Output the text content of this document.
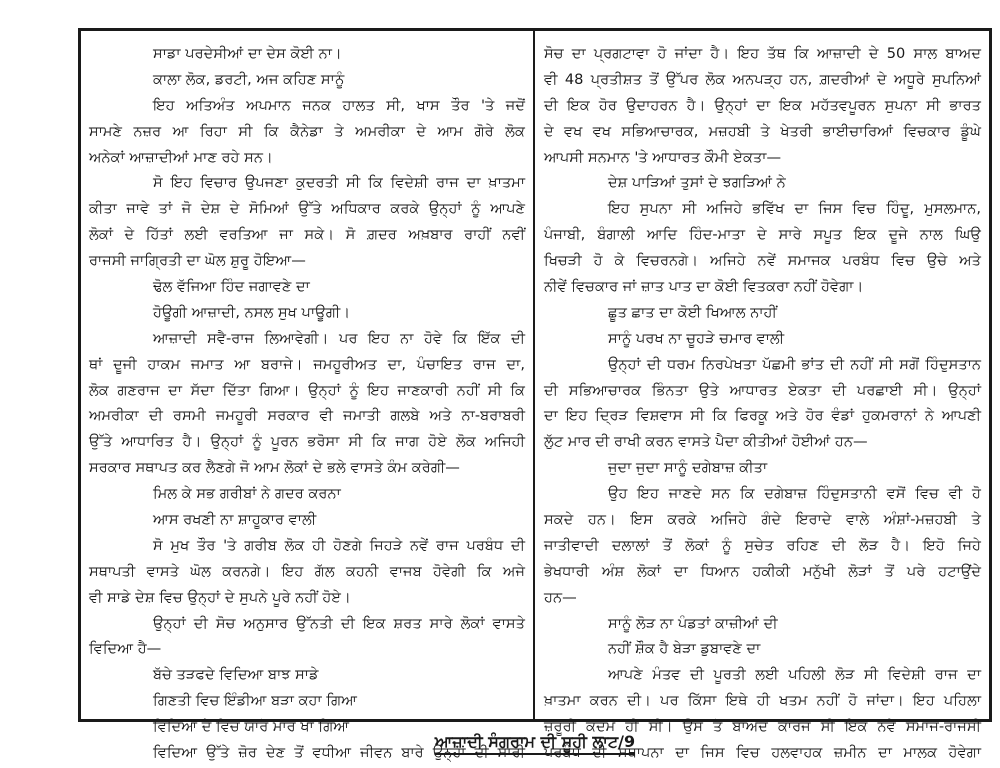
ਸਾਡਾ ਪਰਦੇਸੀਆਂ ਦਾ ਦੇਸ ਕੋਈ ਨਾ।
ਕਾਲਾ ਲੋਕ, ਡਰਟੀ, ਅਜ ਕਹਿਣ ਸਾਨੂੰ
ਇਹ ਅਤਿਅੰਤ ਅਪਮਾਨ ਜਨਕ ਹਾਲਤ ਸੀ, ਖਾਸ ਤੌਰ 'ਤੇ ਜਦੋਂ
ਸਾਮਣੇ ਨਜ਼ਰ ਆ ਰਿਹਾ ਸੀ ਕਿ ਕੈਨੇਡਾ ਤੇ ਅਮਰੀਕਾ ਦੇ ਆਮ ਗੋਰੇ ਲੋਕ
ਅਨੇਕਾਂ ਆਜ਼ਾਦੀਆਂ ਮਾਣ ਰਹੇ ਸਨ।
ਸੋ ਇਹ ਵਿਚਾਰ ਉਪਜਣਾ ਕੁਦਰਤੀ ਸੀ ਕਿ ਵਿਦੇਸ਼ੀ ਰਾਜ ਦਾ ਖ਼ਾਤਮਾ
ਕੀਤਾ ਜਾਵੇ ਤਾਂ ਜੋ ਦੇਸ਼ ਦੇ ਸੋਮਿਆਂ ਉੱਤੇ ਅਧਿਕਾਰ ਕਰਕੇ ਉਨ੍ਹਾਂ ਨੂੰ ਆਪਣੇ
ਲੋਕਾਂ ਦੇ ਹਿੱਤਾਂ ਲਈ ਵਰਤਿਆ ਜਾ ਸਕੇ। ਸੋ ਗ਼ਦਰ ਅਖ਼ਬਾਰ ਰਾਹੀਂ ਨਵੀਂ
ਰਾਜਸੀ ਜਾਗ੍ਰਿਤੀ ਦਾ ਘੋਲ ਸ਼ੁਰੂ ਹੋਇਆ—
ਢੋਲ ਵੱਜਿਆ ਹਿੰਦ ਜਗਾਵਣੇ ਦਾ
ਹੋਊਗੀ ਆਜ਼ਾਦੀ, ਨਸਲ ਸੁਖ ਪਾਊਗੀ।
ਆਜ਼ਾਦੀ ਸਵੈ-ਰਾਜ ਲਿਆਵੇਗੀ। ਪਰ ਇਹ ਨਾ ਹੋਵੇ ਕਿ ਇੱਕ ਦੀ
ਥਾਂ ਦੂਜੀ ਹਾਕਮ ਜਮਾਤ ਆ ਬਰਾਜੇ। ਜਮਹੂਰੀਅਤ ਦਾ, ਪੰਚਾਇਤ ਰਾਜ ਦਾ,
ਲੋਕ ਗਣਰਾਜ ਦਾ ਸੱਦਾ ਦਿੱਤਾ ਗਿਆ। ਉਨ੍ਹਾਂ ਨੂੰ ਇਹ ਜਾਣਕਾਰੀ ਨਹੀਂ ਸੀ ਕਿ
ਅਮਰੀਕਾ ਦੀ ਰਸਮੀ ਜਮਹੂਰੀ ਸਰਕਾਰ ਵੀ ਜਮਾਤੀ ਗਲਬੇ ਅਤੇ ਨਾ-ਬਰਾਬਰੀ
ਉੱਤੇ ਆਧਾਰਿਤ ਹੈ। ਉਨ੍ਹਾਂ ਨੂੰ ਪੂਰਨ ਭਰੋਸਾ ਸੀ ਕਿ ਜਾਗ ਹੋਏ ਲੋਕ ਅਜਿਹੀ
ਸਰਕਾਰ ਸਥਾਪਤ ਕਰ ਲੈਣਗੇ ਜੋ ਆਮ ਲੋਕਾਂ ਦੇ ਭਲੇ ਵਾਸਤੇ ਕੰਮ ਕਰੇਗੀ—
ਮਿਲ ਕੇ ਸਭ ਗਰੀਬਾਂ ਨੇ ਗਦਰ ਕਰਨਾ
ਆਸ ਰਖਣੀ ਨਾ ਸ਼ਾਹੂਕਾਰ ਵਾਲੀ
ਸੋ ਮੁਖ ਤੌਰ 'ਤੇ ਗਰੀਬ ਲੋਕ ਹੀ ਹੋਣਗੇ ਜਿਹੜੇ ਨਵੇਂ ਰਾਜ ਪਰਬੰਧ ਦੀ
ਸਥਾਪਤੀ ਵਾਸਤੇ ਘੋਲ ਕਰਨਗੇ। ਇਹ ਗੱਲ ਕਹਨੀ ਵਾਜਬ ਹੋਵੇਗੀ ਕਿ ਅਜੇ
ਵੀ ਸਾਡੇ ਦੇਸ਼ ਵਿਚ ਉਨ੍ਹਾਂ ਦੇ ਸੁਪਨੇ ਪੂਰੇ ਨਹੀਂ ਹੋਏ।
ਉਨ੍ਹਾਂ ਦੀ ਸੋਚ ਅਨੁਸਾਰ ਉੱਨਤੀ ਦੀ ਇਕ ਸ਼ਰਤ ਸਾਰੇ ਲੋਕਾਂ ਵਾਸਤੇ
ਵਿਦਿਆ ਹੈ—
ਬੱਚੇ ਤੜਫਦੇ ਵਿਦਿਆ ਬਾਝ ਸਾਡੇ
ਗਿਣਤੀ ਵਿਚ ਇੰਡੀਆ ਬੜਾ ਕਹਾ ਗਿਆ
ਵਿਦਿਆ ਦੇ ਵਿਚ ਯਾਰੋ ਮਾਰ ਖਾ ਗਿਆ
ਵਿਦਿਆ ਉੱਤੇ ਜ਼ੋਰ ਦੇਣ ਤੋਂ ਵਧੀਆ ਜੀਵਨ ਬਾਰੇ ਉਨ੍ਹਾਂ ਦੀ ਸਾਰੀ
ਸੋਚ ਦਾ ਪ੍ਰਗਟਾਵਾ ਹੋ ਜਾਂਦਾ ਹੈ। ਇਹ ਤੱਥ ਕਿ ਆਜ਼ਾਦੀ ਦੇ 50 ਸਾਲ ਬਾਅਦ
ਵੀ 48 ਪ੍ਰਤੀਸ਼ਤ ਤੋਂ ਉੱਪਰ ਲੋਕ ਅਨਪੜ੍ਹ ਹਨ, ਗ਼ਦਰੀਆਂ ਦੇ ਅਧੂਰੇ ਸੁਪਨਿਆਂ
ਦੀ ਇਕ ਹੋਰ ਉਦਾਹਰਨ ਹੈ। ਉਨ੍ਹਾਂ ਦਾ ਇਕ ਮਹੱਤਵਪੂਰਨ ਸੁਪਨਾ ਸੀ ਭਾਰਤ
ਦੇ ਵਖ ਵਖ ਸਭਿਆਚਾਰਕ, ਮਜ਼ਹਬੀ ਤੇ ਖੇਤਰੀ ਭਾਈਚਾਰਿਆਂ ਵਿਚਕਾਰ ਡੂੰਘੇ
ਆਪਸੀ ਸਨਮਾਨ 'ਤੇ ਆਧਾਰਤ ਕੌਮੀ ਏਕਤਾ—
ਦੇਸ਼ ਪਾੜਿਆਂ ਤੁਸਾਂ ਦੇ ਝਗੜਿਆਂ ਨੇ
ਇਹ ਸੁਪਨਾ ਸੀ ਅਜਿਹੇ ਭਵਿੱਖ ਦਾ ਜਿਸ ਵਿਚ ਹਿੰਦੂ, ਮੁਸਲਮਾਨ,
ਪੰਜਾਬੀ, ਬੰਗਾਲੀ ਆਦਿ ਹਿੰਦ-ਮਾਤਾ ਦੇ ਸਾਰੇ ਸਪੂਤ ਇਕ ਦੂਜੇ ਨਾਲ ਘਿਉ
ਖਿਚੜੀ ਹੋ ਕੇ ਵਿਚਰਨਗੇ। ਅਜਿਹੇ ਨਵੇਂ ਸਮਾਜਕ ਪਰਬੰਧ ਵਿਚ ਉਚੇ ਅਤੇ
ਨੀਵੇਂ ਵਿਚਕਾਰ ਜਾਂ ਜ਼ਾਤ ਪਾਤ ਦਾ ਕੋਈ ਵਿਤਕਰਾ ਨਹੀਂ ਹੋਵੇਗਾ।
ਛੂਤ ਛਾਤ ਦਾ ਕੋਈ ਖਿਆਲ ਨਾਹੀਂ
ਸਾਨੂੰ ਪਰਖ ਨਾ ਚੂਹੜੇ ਚਮਾਰ ਵਾਲੀ
ਉਨ੍ਹਾਂ ਦੀ ਧਰਮ ਨਿਰਪੇਖਤਾ ਪੱਛਮੀ ਭਾਂਤ ਦੀ ਨਹੀਂ ਸੀ ਸਗੋਂ ਹਿੰਦੁਸਤਾਨ
ਦੀ ਸਭਿਆਚਾਰਕ ਭਿੰਨਤਾ ਉਤੇ ਆਧਾਰਤ ਏਕਤਾ ਦੀ ਪਰਛਾਈ ਸੀ। ਉਨ੍ਹਾਂ
ਦਾ ਇਹ ਦ੍ਰਿੜ ਵਿਸ਼ਵਾਸ ਸੀ ਕਿ ਫਿਰਕੂ ਅਤੇ ਹੋਰ ਵੰਡਾਂ ਹੁਕਮਰਾਨਾਂ ਨੇ ਆਪਣੀ
ਲੁੱਟ ਮਾਰ ਦੀ ਰਾਖੀ ਕਰਨ ਵਾਸਤੇ ਪੈਦਾ ਕੀਤੀਆਂ ਹੋਈਆਂ ਹਨ—
ਜੁਦਾ ਜੁਦਾ ਸਾਨੂੰ ਦਗੇਬਾਜ਼ ਕੀਤਾ
ਉਹ ਇਹ ਜਾਣਦੇ ਸਨ ਕਿ ਦਗੇਬਾਜ਼ ਹਿੰਦੁਸਤਾਨੀ ਵਸੋਂ ਵਿਚ ਵੀ ਹੋ
ਸਕਦੇ ਹਨ। ਇਸ ਕਰਕੇ ਅਜਿਹੇ ਗੰਦੇ ਇਰਾਦੇ ਵਾਲੇ ਅੰਸ਼ਾਂ-ਮਜ਼ਹਬੀ ਤੇ
ਜਾਤੀਵਾਦੀ ਦਲਾਲਾਂ ਤੋਂ ਲੋਕਾਂ ਨੂੰ ਸੁਚੇਤ ਰਹਿਣ ਦੀ ਲੋੜ ਹੈ। ਇਹੋ ਜਿਹੇ
ਭੇਖਧਾਰੀ ਅੰਸ਼ ਲੋਕਾਂ ਦਾ ਧਿਆਨ ਹਕੀਕੀ ਮਨੁੱਖੀ ਲੋੜਾਂ ਤੋਂ ਪਰੇ ਹਟਾਉਂਦੇ
ਹਨ—
ਸਾਨੂੰ ਲੋੜ ਨਾ ਪੰਡਤਾਂ ਕਾਜ਼ੀਆਂ ਦੀ
ਨਹੀਂ ਸ਼ੌਕ ਹੈ ਬੇੜਾ ਡੁਬਾਵਣੇ ਦਾ
ਆਪਣੇ ਮੰਤਵ ਦੀ ਪੂਰਤੀ ਲਈ ਪਹਿਲੀ ਲੋੜ ਸੀ ਵਿਦੇਸ਼ੀ ਰਾਜ ਦਾ
ਖ਼ਾਤਮਾ ਕਰਨ ਦੀ। ਪਰ ਕਿੱਸਾ ਇਥੇ ਹੀ ਖਤਮ ਨਹੀਂ ਹੋ ਜਾਂਦਾ। ਇਹ ਪਹਿਲਾ
ਜ਼ਰੂਰੀ ਕਦਮ ਹੀ ਸੀ। ਉਸ ਤੋਂ ਬਾਅਦ ਕਾਰਜ ਸੀ ਇਕ ਨਵੇਂ ਸਮਾਜ-ਰਾਜਸੀ
ਪਰਬੰਧ ਦੀ ਸਥਾਪਨਾ ਦਾ ਜਿਸ ਵਿਚ ਹਲਵਾਹਕ ਜ਼ਮੀਨ ਦਾ ਮਾਲਕ ਹੋਵੇਗਾ
ਆਜ਼ਾਦੀ ਸੰਗਰਾਮ ਦੀ ਸੂਹੀ ਲਾਟ/9
